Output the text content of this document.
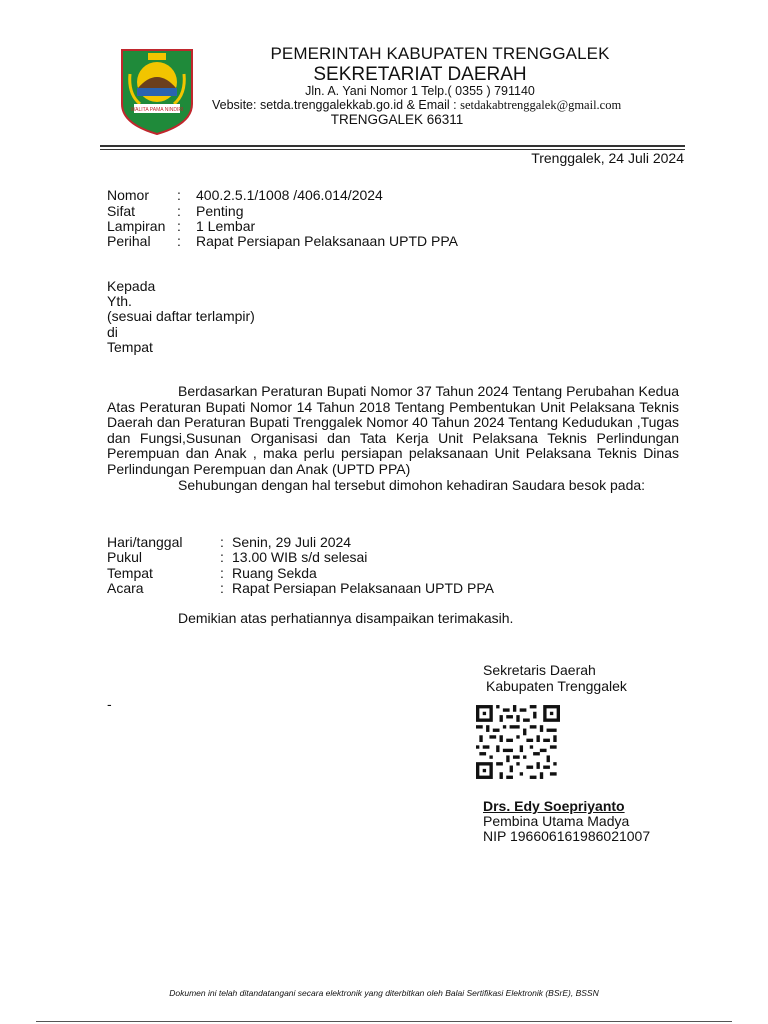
WALITA PAMA NINDIRI
PEMERINTAH KABUPATEN TRENGGALEK
SEKRETARIAT DAERAH
Jln. A. Yani Nomor 1 Telp.( 0355 ) 791140
Vebsite: setda.trenggalekkab.go.id & Email : setdakabtrenggalek@gmail.com
TRENGGALEK 66311
Trenggalek, 24 Juli 2024
Nomor : 400.2.5.1/1008 /406.014/2024
Sifat	: Penting
Lampiran : 1 Lembar
Perihal : Rapat Persiapan Pelaksanaan UPTD PPA
Kepada
Yth.
(sesuai daftar terlampir)
di
Tempat

Berdasarkan Peraturan Bupati Nomor 37 Tahun 2024 Tentang Perubahan Kedua Atas Peraturan Bupati Nomor 14 Tahun 2018 Tentang Pembentukan Unit Pelaksana Teknis Daerah dan Peraturan Bupati Trenggalek Nomor 40 Tahun 2024 Tentang Kedudukan ,Tugas dan Fungsi,Susunan Organisasi dan Tata Kerja Unit Pelaksana Teknis Perlindungan Perempuan dan Anak , maka perlu persiapan pelaksanaan Unit Pelaksana Teknis Dinas Perlindungan Perempuan dan Anak (UPTD PPA)

Sehubungan dengan hal tersebut dimohon kehadiran Saudara besok pada:

Hari/tanggal	: Senin, 29 Juli 2024
Pukul	: 13.00 WIB s/d selesai
Tempat	: Ruang Sekda
Acara	: Rapat Persiapan Pelaksanaan UPTD PPA
Demikian atas perhatiannya disampaikan terimakasih.
Sekretaris Daerah
Kabupaten Trenggalek
-
Drs. Edy Soepriyanto
Pembina Utama Madya
NIP 196606161986021007
Dokumen ini telah ditandatangani secara elektronik yang diterbitkan oleh Balai Sertifikasi Elektronik (BSrE), BSSN
